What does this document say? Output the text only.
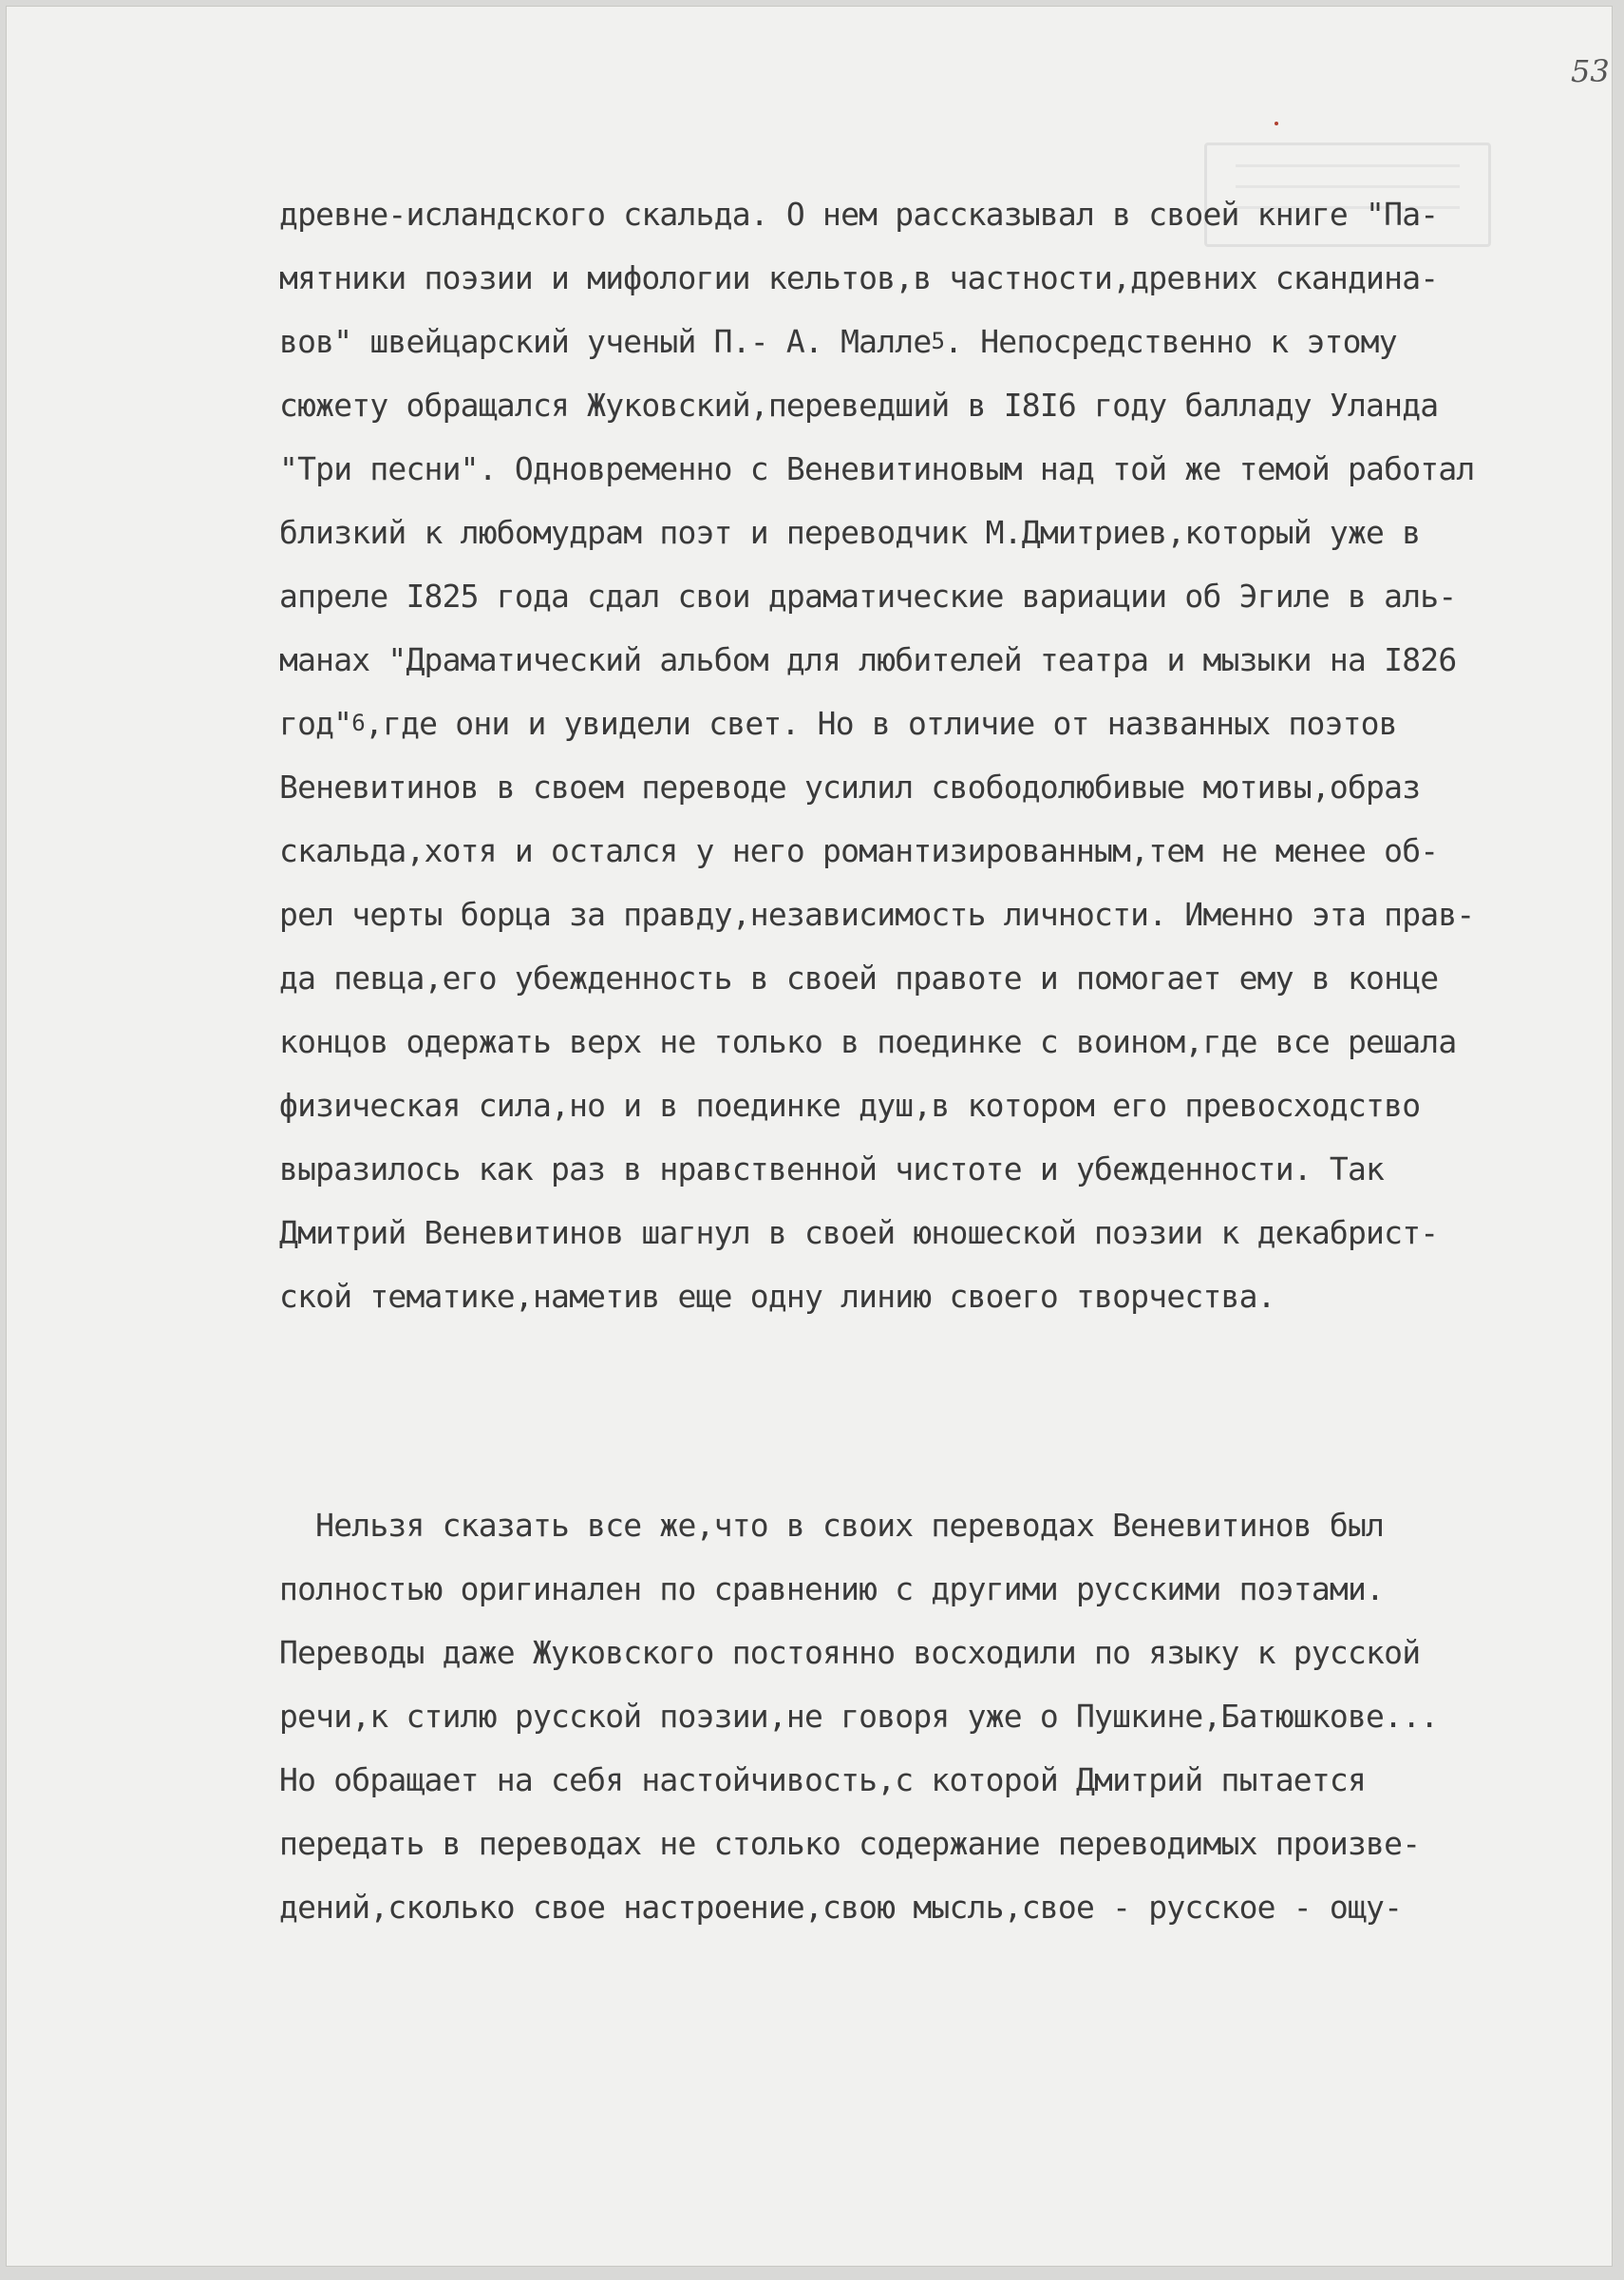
53
древне-исландского скальда. О нем рассказывал в своей книге "Па-
мятники поэзии и мифологии кельтов,в частности,древних скандина-
вов" швейцарский ученый П.- А. Малле$^5$. Непосредственно к этому
сюжету обращался Жуковский,переведший в I8I6 году балладу Уланда
"Три песни". Одновременно с Веневитиновым над той же темой работал
близкий к любомудрам поэт и переводчик М.Дмитриев,который уже в
апреле I825 года сдал свои драматические вариации об Эгиле в аль-
манах "Драматический альбом для любителей театра и мызыки на I826
год"$^6$,где они и увидели свет. Но в отличие от названных поэтов
Веневитинов в своем переводе усилил свободолюбивые мотивы,образ
скальда,хотя и остался у него романтизированным,тем не менее об-
рел черты борца за правду,независимость личности. Именно эта прав-
да певца,его убежденность в своей правоте и помогает ему в конце
концов одержать верх не только в поединке с воином,где все решала
физическая сила,но и в поединке душ,в котором его превосходство
выразилось как раз в нравственной чистоте и убежденности. Так
Дмитрий Веневитинов шагнул в своей юношеской поэзии к декабрист-
ской тематике,наметив еще одну линию своего творчества.
Нельзя сказать все же,что в своих переводах Веневитинов был
полностью оригинален по сравнению с другими русскими поэтами.
Переводы даже Жуковского постоянно восходили по языку к русской
речи,к стилю русской поэзии,не говоря уже о Пушкине,Батюшкове...
Но обращает на себя настойчивость,с которой Дмитрий пытается
передать в переводах не столько содержание переводимых произве-
дений,сколько свое настроение,свою мысль,свое - русское - ощу-
